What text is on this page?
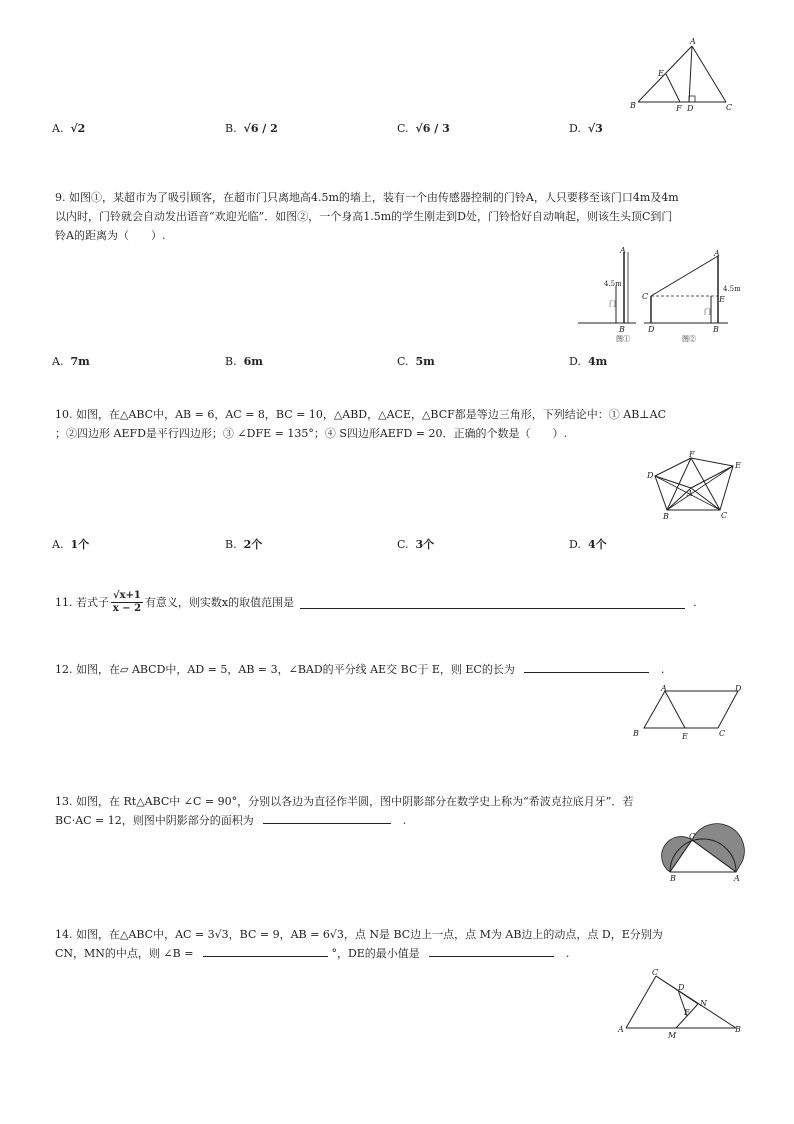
A
E
B	F D	C
A. √2	B. √6 / 2	C. √6 / 3	D. √3
9. 如图①，某超市为了吸引顾客，在超市门只离地高4.5m的墙上，装有一个由传感器控制的门铃A，人只要移至该门口4m及4m
以内时，门铃就会自动发出语音“欢迎光临”．如图②，一个身高1.5m的学生刚走到D处，门铃恰好自动响起，则该生头顶C到门
铃A的距离为（　　）.
A
4.5m
门
B
图①
A
C
4.5m
E
门
D	B
图②
A. 7m	B. 6m	C. 5m	D. 4m
10. 如图，在△ABC中，AB = 6，AC = 8，BC = 10，△ABD，△ACE，△BCF都是等边三角形，下列结论中：① AB⊥AC
；②四边形 AEFD是平行四边形；③ ∠DFE = 135°；④ S四边形AEFD = 20．正确的个数是（　　）.
F
D
E
A
B	C
A. 1个	B. 2个	C. 3个	D. 4个
11. 若式子 $\frac{√x+1}{x - 2}$ 有意义，则实数x的取值范围是	.
12. 如图，在▱ ABCD中，AD = 5，AB = 3，∠BAD的平分线 AE交 BC于 E，则 EC的长为	.
A	D
B	E	C
13. 如图，在 Rt△ABC中 ∠C = 90°，分别以各边为直径作半圆，图中阴影部分在数学史上称为“希波克拉底月牙”．若
BC·AC = 12，则图中阴影部分的面积为	.
C
B	A
14. 如图，在△ABC中，AC = 3√3，BC = 9，AB = 6√3，点 N是 BC边上一点，点 M为 AB边上的动点，点 D，E分别为
CN，MN的中点，则 ∠B =	°，DE的最小值是	.
C
D
N
E
A
M
B
